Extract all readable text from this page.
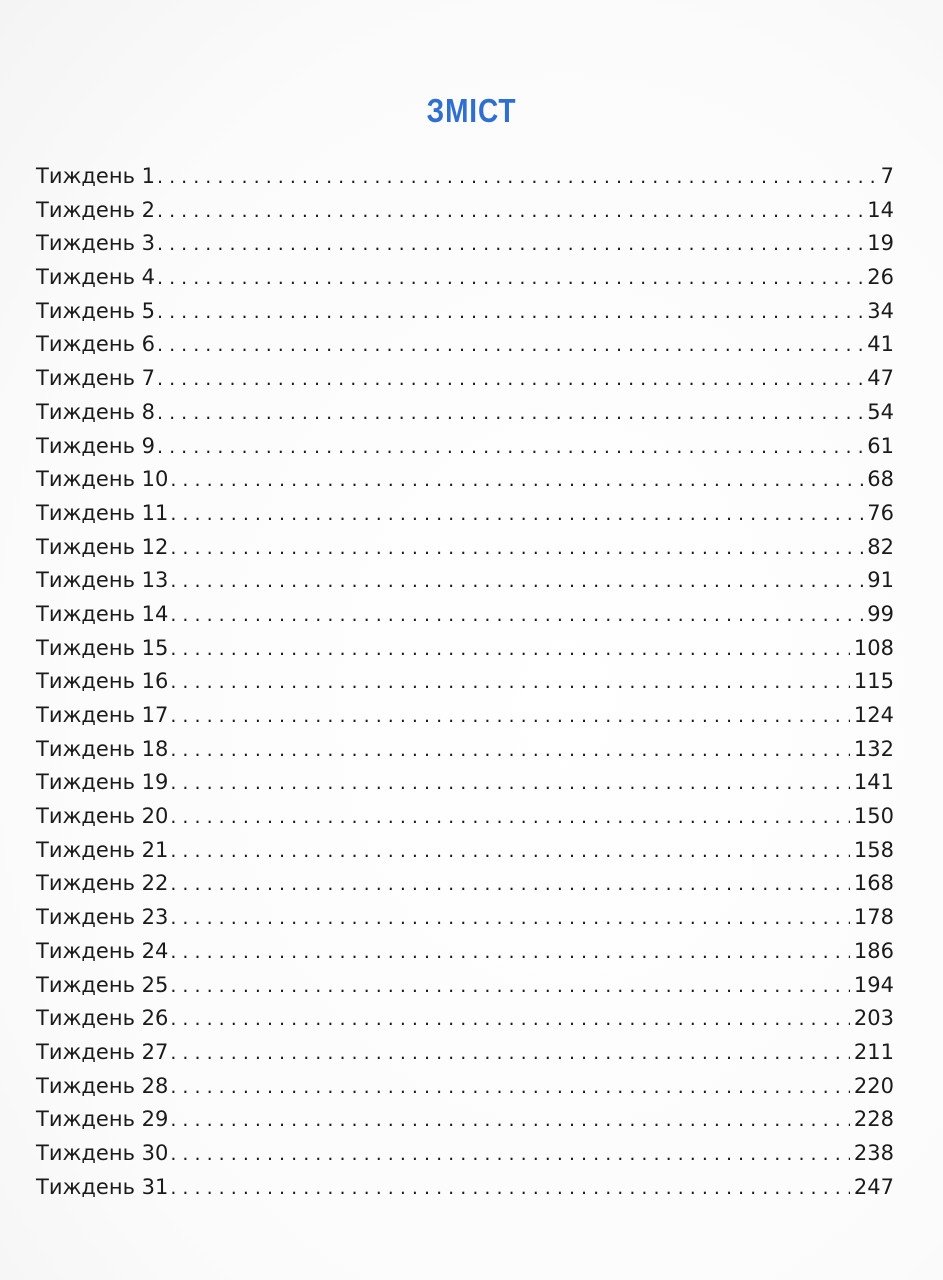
ЗМІСТ
Тиждень 1 . . .	7
Тиждень 2 . . .	14
Тиждень 3 . . .	19
Тиждень 4 . . .	26
Тиждень 5 . . .	34
Тиждень 6 . . .	41
Тиждень 7 . . .	47
Тиждень 8 . . .	54
Тиждень 9 . . .	61
Тиждень 10 . . .	68
Тиждень 11 . . .	76
Тиждень 12 . . .	82
Тиждень 13 . . .	91
Тиждень 14 . . .	99
Тиждень 15 . . .	108
Тиждень 16 . . .	115
Тиждень 17 . . .	124
Тиждень 18 . . .	132
Тиждень 19 . . .	141
Тиждень 20 . . .	150
Тиждень 21 . . .	158
Тиждень 22 . . .	168
Тиждень 23 . . .	178
Тиждень 24 . . .	186
Тиждень 25 . . .	194
Тиждень 26 . . .	203
Тиждень 27 . . .	211
Тиждень 28 . . .	220
Тиждень 29 . . .	228
Тиждень 30 . . .	238
Тиждень 31 . . .	247
